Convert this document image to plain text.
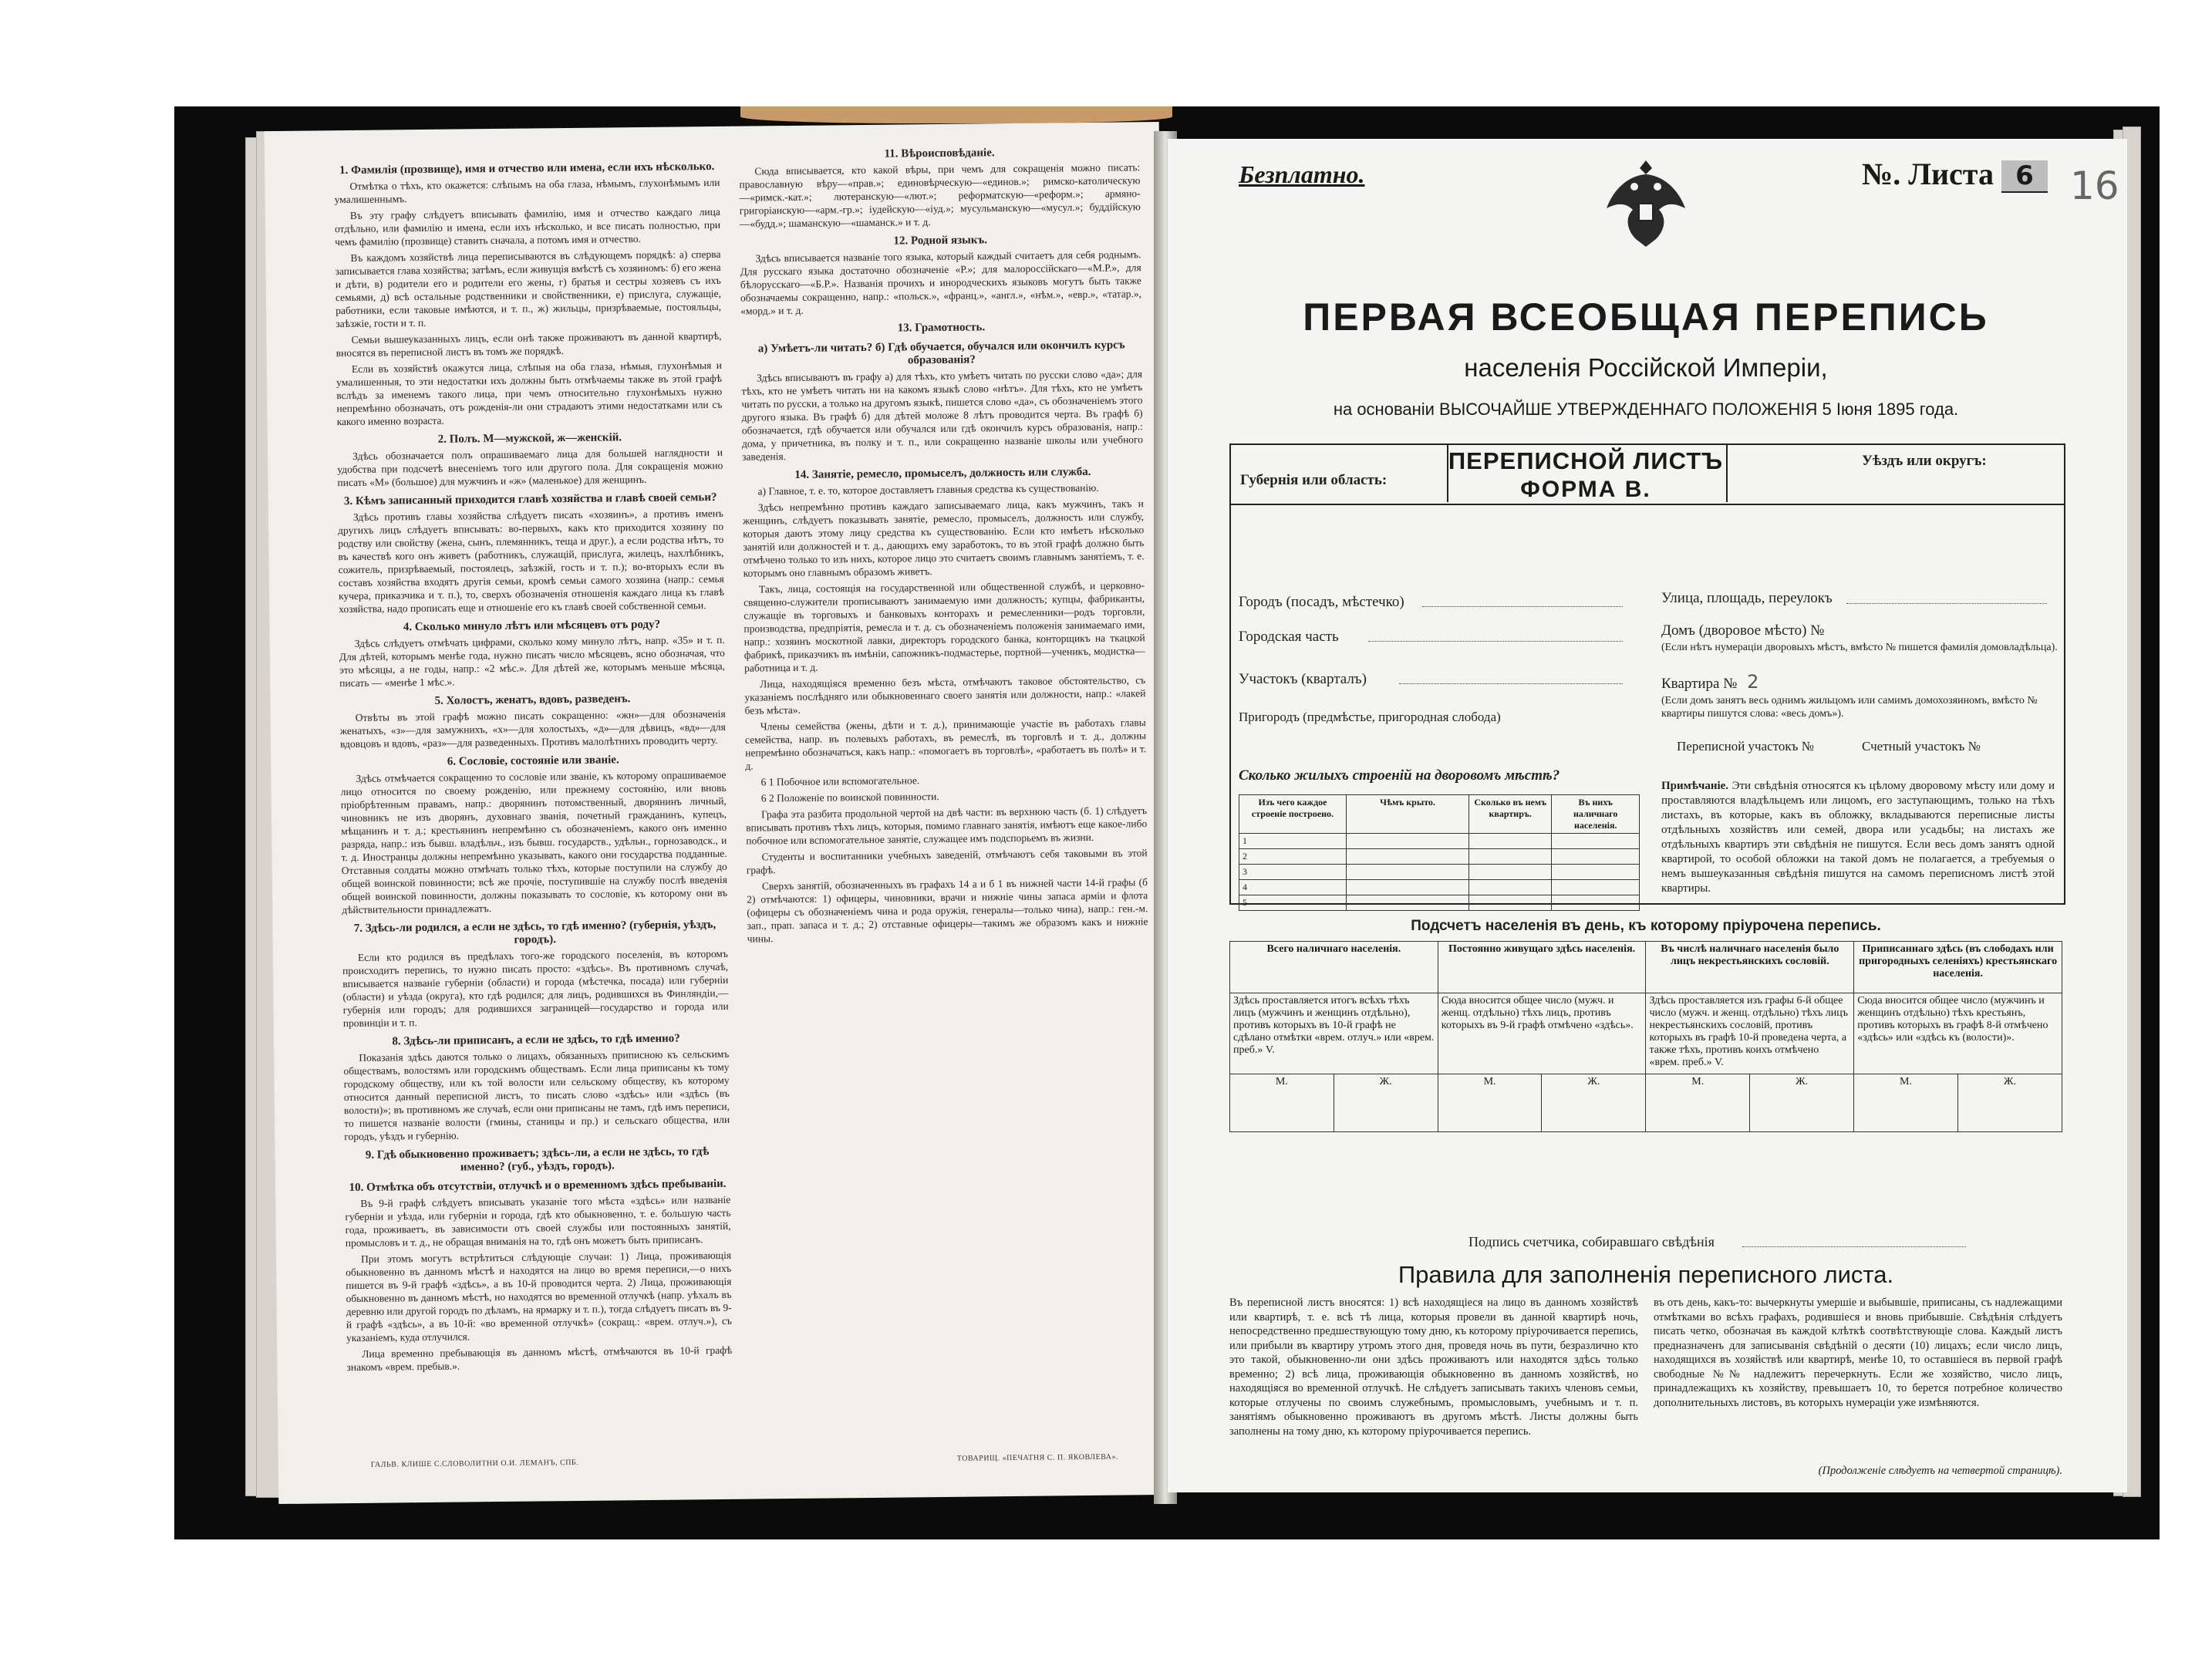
1. Фамилія (прозвище), имя и отчество или имена, если ихъ нѣсколько.

Отмѣтка о тѣхъ, кто окажется: слѣпымъ на оба глаза, нѣмымъ, глухонѣмымъ или умалишеннымъ.

Въ эту графу слѣдуетъ вписывать фамилію, имя и отчество каждаго лица отдѣльно, или фамилію и имена, если ихъ нѣсколько, и все писать полностью, при чемъ фамилію (прозвище) ставить сначала, а потомъ имя и отчество.

Въ каждомъ хозяйствѣ лица переписываются въ слѣдующемъ порядкѣ: а) сперва записывается глава хозяйства; затѣмъ, если живущія вмѣстѣ съ хозяиномъ: б) его жена и дѣти, в) родители его и родители его жены, г) братья и сестры хозяевъ съ ихъ семьями, д) всѣ остальные родственники и свойственники, е) прислуга, служащіе, работники, если таковые имѣются, и т. п., ж) жильцы, призрѣваемые, постояльцы, заѣзжіе, гости и т. п.

Семьи вышеуказанныхъ лицъ, если онѣ также проживаютъ въ данной квартирѣ, вносятся въ переписной листъ въ томъ же порядкѣ.

Если въ хозяйствѣ окажутся лица, слѣпыя на оба глаза, нѣмыя, глухонѣмыя и умалишенныя, то эти недостатки ихъ должны быть отмѣчаемы также въ этой графѣ вслѣдъ за именемъ такого лица, при чемъ относительно глухонѣмыхъ нужно непремѣнно обозначать, отъ рожденія-ли они страдаютъ этими недостатками или съ какого именно возраста.

2. Полъ. М—мужской, ж—женскій.

Здѣсь обозначается полъ опрашиваемаго лица для большей наглядности и удобства при подсчетѣ внесеніемъ того или другого пола. Для сокращенія можно писать «М» (большое) для мужчинъ и «ж» (маленькое) для женщинъ.

3. Кѣмъ записанный приходится главѣ хозяйства и главѣ своей семьи?

Здѣсь противъ главы хозяйства слѣдуетъ писать «хозяинъ», а противъ именъ другихъ лицъ слѣдуетъ вписывать: во-первыхъ, какъ кто приходится хозяину по родству или свойству (жена, сынъ, племянникъ, теща и друг.), а если родства нѣтъ, то въ качествѣ кого онъ живетъ (работникъ, служащій, прислуга, жилецъ, нахлѣбникъ, сожитель, призрѣваемый, постоялецъ, заѣзжій, гость и т. п.); во-вторыхъ если въ составъ хозяйства входятъ другія семьи, кромѣ семьи самого хозяина (напр.: семья кучера, приказчика и т. п.), то, сверхъ обозначенія отношенія каждаго лица къ главѣ хозяйства, надо прописать еще и отношеніе его къ главѣ своей собственной семьи.

4. Сколько минуло лѣтъ или мѣсяцевъ отъ роду?

Здѣсь слѣдуетъ отмѣчать цифрами, сколько кому минуло лѣтъ, напр. «35» и т. п. Для дѣтей, которымъ менѣе года, нужно писать число мѣсяцевъ, ясно обозначая, что это мѣсяцы, а не годы, напр.: «2 мѣс.». Для дѣтей же, которымъ меньше мѣсяца, писать — «менѣе 1 мѣс.».

5. Холостъ, женатъ, вдовъ, разведенъ.

Отвѣты въ этой графѣ можно писать сокращенно: «жн»—для обозначенія женатыхъ, «з»—для замужнихъ, «х»—для холостыхъ, «д»—для дѣвицъ, «вд»—для вдовцовъ и вдовъ, «раз»—для разведенныхъ. Противъ малолѣтнихъ проводить черту.

6. Сословіе, состояніе или званіе.

Здѣсь отмѣчается сокращенно то сословіе или званіе, къ которому опрашиваемое лицо относится по своему рожденію, или прежнему состоянію, или вновь пріобрѣтенным правамъ, напр.: дворянинъ потомственный, дворянинъ личный, чиновникъ не изъ дворянъ, духовнаго званія, почетный гражданинъ, купецъ, мѣщанинъ и т. д.; крестьянинъ непремѣнно съ обозначеніемъ, какого онъ именно разряда, напр.: изъ бывш. владѣльч., изъ бывш. государств., удѣльн., горнозаводск., и т. д. Иностранцы должны непремѣнно указывать, какого они государства подданные. Отставныя солдаты можно отмѣчать только тѣхъ, которые поступили на службу до общей воинской повинности; всѣ же прочіе, поступившіе на службу послѣ введенія общей воинской повинности, должны показывать то сословіе, къ которому они въ дѣйствительности принадлежатъ.

7. Здѣсь-ли родился, а если не здѣсь, то гдѣ именно? (губернія, уѣздъ, городъ).

Если кто родился въ предѣлахъ того-же городского поселенія, въ которомъ происходитъ перепись, то нужно писать просто: «здѣсь». Въ противномъ случаѣ, вписывается названіе губерніи (области) и города (мѣстечка, посада) или губерніи (области) и уѣзда (округа), кто гдѣ родился; для лицъ, родившихся въ Финляндіи,—губернія или городъ; для родившихся заграницей—государство и города или провинціи и т. п.

8. Здѣсь-ли приписанъ, а если не здѣсь, то гдѣ именно?

Показанія здѣсь даются только о лицахъ, обязанныхъ приписною къ сельскимъ обществамъ, волостямъ или городскимъ обществамъ. Если лица приписаны къ тому городскому обществу, или къ той волости или сельскому обществу, къ которому относится данный переписной листъ, то писать слово «здѣсь» или «здѣсь (въ волости)»; въ противномъ же случаѣ, если они приписаны не тамъ, гдѣ имъ переписи, то пишется названіе волости (гмины, станицы и пр.) и сельскаго общества, или городъ, уѣздъ и губернію.

9. Гдѣ обыкновенно проживаетъ; здѣсь-ли, а если не здѣсь, то гдѣ именно? (губ., уѣздъ, городъ).
10. Отмѣтка объ отсутствіи, отлучкѣ и о временномъ здѣсь пребываніи.

Въ 9-й графѣ слѣдуетъ вписывать указаніе того мѣста «здѣсь» или названіе губерніи и уѣзда, или губерніи и города, гдѣ кто обыкновенно, т. е. большую часть года, проживаетъ, въ зависимости отъ своей службы или постоянныхъ занятій, промысловъ и т. д., не обращая вниманія на то, гдѣ онъ можетъ быть приписанъ.

При этомъ могутъ встрѣтиться слѣдующіе случаи: 1) Лица, проживающія обыкновенно въ данномъ мѣстѣ и находятся на лицо во время переписи,—о нихъ пишется въ 9-й графѣ «здѣсь», а въ 10-й проводится черта. 2) Лица, проживающія обыкновенно въ данномъ мѣстѣ, но находятся во временной отлучкѣ (напр. уѣхалъ въ деревню или другой городъ по дѣламъ, на ярмарку и т. п.), тогда слѣдуетъ писать въ 9-й графѣ «здѣсь», а въ 10-й: «во временной отлучкѣ» (сокращ.: «врем. отлуч.»), съ указаніемъ, куда отлучился.

Лица временно пребывающія въ данномъ мѣстѣ, отмѣчаются въ 10-й графѣ знакомъ «врем. пребыв.».

11. Вѣроисповѣданіе.

Сюда вписывается, кто какой вѣры, при чемъ для сокращенія можно писать: православную вѣру—«прав.»; единовѣрческую—«единов.»; римско-католическую—«римск.-кат.»; лютеранскую—«лют.»; реформатскую—«реформ.»; армяно-григоріанскую—«арм.-гр.»; іудейскую—«іуд.»; мусульманскую—«мусул.»; буддійскую—«будд.»; шаманскую—«шаманск.» и т. д.

12. Родной языкъ.

Здѣсь вписывается названіе того языка, который каждый считаетъ для себя роднымъ. Для русскаго языка достаточно обозначеніе «Р.»; для малороссійскаго—«М.Р.», для бѣлорусскаго—«Б.Р.». Названія прочихъ и инородческихъ языковъ могутъ быть также обозначаемы сокращенно, напр.: «польск.», «франц.», «англ.», «нѣм.», «евр.», «татар.», «морд.» и т. д.

13. Грамотность.
а) Умѣетъ-ли читать? б) Гдѣ обучается, обучался или окончилъ курсъ образованія?

Здѣсь вписываютъ въ графу а) для тѣхъ, кто умѣетъ читать по русски слово «да»; для тѣхъ, кто не умѣетъ читать ни на какомъ языкѣ слово «нѣтъ». Для тѣхъ, кто не умѣетъ читать по русски, а только на другомъ языкѣ, пишется слово «да», съ обозначеніемъ этого другого языка. Въ графѣ б) для дѣтей моложе 8 лѣтъ проводится черта. Въ графѣ б) обозначается, гдѣ обучается или обучался или гдѣ окончилъ курсъ образованія, напр.: дома, у причетника, въ полку и т. п., или сокращенно названіе школы или учебного заведенія.

14. Занятіе, ремесло, промыселъ, должность или служба.

а) Главное, т. е. то, которое доставляетъ главныя средства къ существованію.

Здѣсь непремѣнно противъ каждаго записываемаго лица, какъ мужчинъ, такъ и женщинъ, слѣдуетъ показывать занятіе, ремесло, промыселъ, должность или службу, которыя даютъ этому лицу средства къ существованію. Если кто имѣетъ нѣсколько занятій или должностей и т. д., дающихъ ему заработокъ, то въ этой графѣ должно быть отмѣчено только то изъ нихъ, которое лицо это считаетъ своимъ главнымъ занятіемъ, т. е. которымъ оно главнымъ образомъ живетъ.

Такъ, лица, состоящія на государственной или общественной службѣ, и церковно-священно-служители прописываютъ занимаемую ими должность; купцы, фабриканты, служащіе въ торговыхъ и банковыхъ конторахъ и ремесленники—родъ торговли, производства, предпріятія, ремесла и т. д. съ обозначеніемъ положенія занимаемаго ими, напр.: хозяинъ москотной лавки, директоръ городского банка, конторщикъ на ткацкой фабрикѣ, приказчикъ въ имѣніи, сапожникъ-подмастерье, портной—ученикъ, модистка—работница и т. д.

Лица, находящіяся временно безъ мѣста, отмѣчаютъ таковое обстоятельство, съ указаніемъ послѣдняго или обыкновеннаго своего занятія или должности, напр.: «лакей безъ мѣста».

Члены семейства (жены, дѣти и т. д.), принимающіе участіе въ работахъ главы семейства, напр. въ полевыхъ работахъ, въ ремеслѣ, въ торговлѣ и т. д., должны непремѣнно обозначаться, какъ напр.: «помогаетъ въ торговлѣ», «работаетъ въ полѣ» и т. д.

6 1 Побочное или вспомогательное.

6 2 Положеніе по воинской повинности.

Графа эта разбита продольной чертой на двѣ части: въ верхнюю часть (б. 1) слѣдуетъ вписывать противъ тѣхъ лицъ, которыя, помимо главнаго занятія, имѣютъ еще какое-либо побочное или вспомогательное занятіе, служащее имъ подспорьемъ въ жизни.

Студенты и воспитанники учебныхъ заведеній, отмѣчаютъ себя таковыми въ этой графѣ.

Сверхъ занятій, обозначенныхъ въ графахъ 14 а и б 1 въ нижней части 14-й графы (б 2) отмѣчаются: 1) офицеры, чиновники, врачи и нижніе чины запаса арміи и флота (офицеры съ обозначеніемъ чина и рода оружія, генералы—только чина), напр.: ген.-м. зап., прап. запаса и т. д.; 2) отставные офицеры—такимъ же образомъ какъ и нижніе чины.

ГАЛЬВ. КЛИШЕ С.СЛОВОЛИТНИ О.И. ЛЕМАНЪ, СПБ.
ТОВАРИЩ. «ПЕЧАТНЯ С. П. ЯКОВЛЕВА».
Безплатно.	№. Листа 6 16
ПЕРВАЯ ВСЕОБЩАЯ ПЕРЕПИСЬ
населенія Россійской Имперіи,
на основаніи ВЫСОЧАЙШЕ УТВЕРЖДЕННАГО ПОЛОЖЕНІЯ 5 Іюня 1895 года.
Губернія или область:
ПЕРЕПИСНОЙ ЛИСТЪ
ФОРМА В.
Уѣздъ или округъ:
Городъ (посадъ, мѣстечко)
Городская часть
Участокъ (кварталъ)
Пригородъ (предмѣстье, пригородная слобода)
Улица, площадь, переулокъ
Домъ (дворовое мѣсто) №
(Если нѣтъ нумераціи дворовыхъ мѣстъ, вмѣсто № пишется фамилія домовладѣльца).
Квартира № 2
(Если домъ занятъ весь однимъ жильцомъ или самимъ домохозяиномъ, вмѣсто № квартиры пишутся слова: «весь домъ»).
Переписной участокъ №	Счетный участокъ №
Сколько жилыхъ строеній на дворовомъ мѣстѣ?
Изъ чего каждое строеніе построено.	Чѣмъ крыто.	Сколько въ немъ квартиръ.	Въ нихъ наличнаго населенія.
1			
2			
3			
4			
5			
Примѣчаніе. Эти свѣдѣнія относятся къ цѣлому дворовому мѣсту или дому и проставляются владѣльцемъ или лицомъ, его заступающимъ, только на тѣхъ листахъ, въ которые, какъ въ обложку, вкладываются переписные листы отдѣльныхъ хозяйствъ или семей, двора или усадьбы; на листахъ же отдѣльныхъ квартиръ эти свѣдѣнія не пишутся. Если весь домъ занятъ одной квартирой, то особой обложки на такой домъ не полагается, а требуемыя о немъ вышеуказанныя свѣдѣнія пишутся на самомъ переписномъ листѣ этой квартиры.
Подсчетъ населенія въ день, къ которому пріурочена перепись.
Всего наличнаго населенія.		Постоянно живущаго здѣсь населенія.		Въ числѣ наличнаго населенія было лицъ некрестьянскихъ сословій.		Приписаннаго здѣсь (въ слободахъ или пригородныхъ селеніяхъ) крестьянскаго населенія.	
Здѣсь проставляется итогъ всѣхъ тѣхъ лицъ (мужчинъ и женщинъ отдѣльно), противъ которыхъ въ 10-й графѣ не сдѣлано отмѣтки «врем. отлуч.» или «врем. преб.» V.		Сюда вносится общее число (мужч. и женщ. отдѣльно) тѣхъ лицъ, противъ которыхъ въ 9-й графѣ отмѣчено «здѣсь».		Здѣсь проставляется изъ графы 6-й общее число (мужч. и женщ. отдѣльно) тѣхъ лицъ некрестьянскихъ сословій, противъ которыхъ въ графѣ 10-й проведена черта, а также тѣхъ, противъ коихъ отмѣчено «врем. преб.» V.		Сюда вносится общее число (мужчинъ и женщинъ отдѣльно) тѣхъ крестьянъ, противъ которыхъ въ графѣ 8-й отмѣчено «здѣсь» или «здѣсь къ (волости)».	
М.	Ж.	М.	Ж.	М.	Ж.	М.	Ж.
Подпись счетчика, собиравшаго свѣдѣнія
Правила для заполненія переписного листа.
Въ переписной листъ вносятся: 1) всѣ находящіеся на лицо въ данномъ хозяйствѣ или квартирѣ, т. е. всѣ тѣ лица, которыя провели въ данной квартирѣ ночь, непосредственно предшествующую тому дню, къ которому пріурочивается перепись, или прибыли въ квартиру утромъ этого дня, проведя ночь въ пути, безразлично кто это такой, обыкновенно-ли они здѣсь проживаютъ или находятся здѣсь только временно; 2) всѣ лица, проживающія обыкновенно въ данномъ хозяйствѣ, но находящіяся во временной отлучкѣ. Не слѣдуетъ записывать такихъ членовъ семьи, которые отлучены по своимъ служебнымъ, промысловымъ, учебнымъ и т. п. занятіямъ обыкновенно проживаютъ въ другомъ мѣстѣ. Листы должны быть заполнены на тому дню, къ которому пріурочивается перепись.
въ отъ день, какъ-то: вычеркнуты умершіе и выбывшіе, приписаны, съ надлежащими отмѣтками во всѣхъ графахъ, родившіеся и вновь прибывшіе. Свѣдѣнія слѣдуетъ писать четко, обозначая въ каждой клѣткѣ соотвѣтствующіе слова. Каждый листъ предназначенъ для записыванія свѣдѣній о десяти (10) лицахъ; если число лицъ, находящихся въ хозяйствѣ или квартирѣ, менѣе 10, то оставшіеся въ первой графѣ свободные №№ надлежитъ перечеркнуть. Если же хозяйство, число лицъ, принадлежащихъ къ хозяйству, превышаетъ 10, то берется потребное количество дополнительныхъ листовъ, въ которыхъ нумераціи уже измѣняются.
(Продолженіе слѣдуетъ на четвертой страницѣ).
